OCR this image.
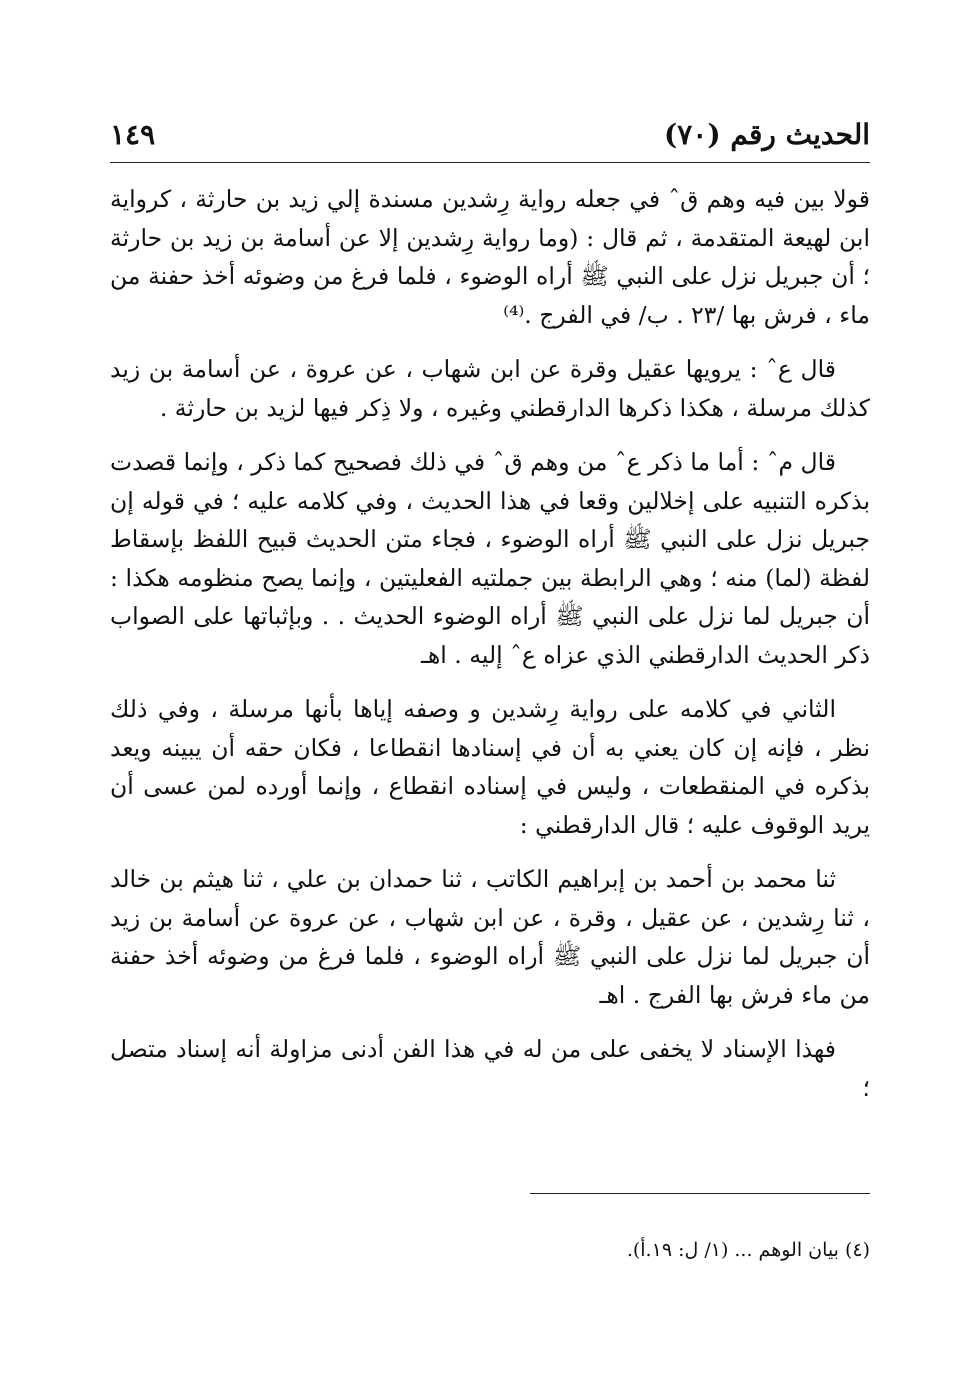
الحديث رقم (٧٠)
١٤٩

قولا بين فيه وهم قˆ في جعله رواية رِشدين مسندة إلي زيد بن حارثة ، كرواية ابن لهيعة المتقدمة ، ثم قال : (وما رواية رِشدين إلا عن أسامة بن زيد بن حارثة ؛ أن جبريل نزل على النبي ﷺ أراه الوضوء ، فلما فرغ من وضوئه أخذ حفنة من ماء ، فرش بها /٢٣ . ب/ في الفرج .⁽⁴⁾

قال عˆ : يرويها عقيل وقرة عن ابن شهاب ، عن عروة ، عن أسامة بن زيد كذلك مرسلة ، هكذا ذكرها الدارقطني وغيره ، ولا ذِكر فيها لزيد بن حارثة .

قال مˆ : أما ما ذكر عˆ من وهم قˆ في ذلك فصحيح كما ذكر ، وإنما قصدت بذكره التنبيه على إخلالين وقعا في هذا الحديث ، وفي كلامه عليه ؛ في قوله إن جبريل نزل على النبي ﷺ أراه الوضوء ، فجاء متن الحديث قبيح اللفظ بإسقاط لفظة (لما) منه ؛ وهي الرابطة بين جملتيه الفعليتين ، وإنما يصح منظومه هكذا : أن جبريل لما نزل على النبي ﷺ أراه الوضوء الحديث . . وبإثباتها على الصواب ذكر الحديث الدارقطني الذي عزاه عˆ إليه . اهـ

الثاني في كلامه على رواية رِشدين و وصفه إياها بأنها مرسلة ، وفي ذلك نظر ، فإنه إن كان يعني به أن في إسنادها انقطاعا ، فكان حقه أن يبينه ويعد بذكره في المنقطعات ، وليس في إسناده انقطاع ، وإنما أورده لمن عسى أن يريد الوقوف عليه ؛ قال الدارقطني :

ثنا محمد بن أحمد بن إبراهيم الكاتب ، ثنا حمدان بن علي ، ثنا هيثم بن خالد ، ثنا رِشدين ، عن عقيل ، وقرة ، عن ابن شهاب ، عن عروة عن أسامة بن زيد أن جبريل لما نزل على النبي ﷺ أراه الوضوء ، فلما فرغ من وضوئه أخذ حفنة من ماء فرش بها الفرج . اهـ

فهذا الإسناد لا يخفى على من له في هذا الفن أدنى مزاولة أنه إسناد متصل ؛

(٤) بيان الوهم ... (١/ ل: ١٩.أ).
